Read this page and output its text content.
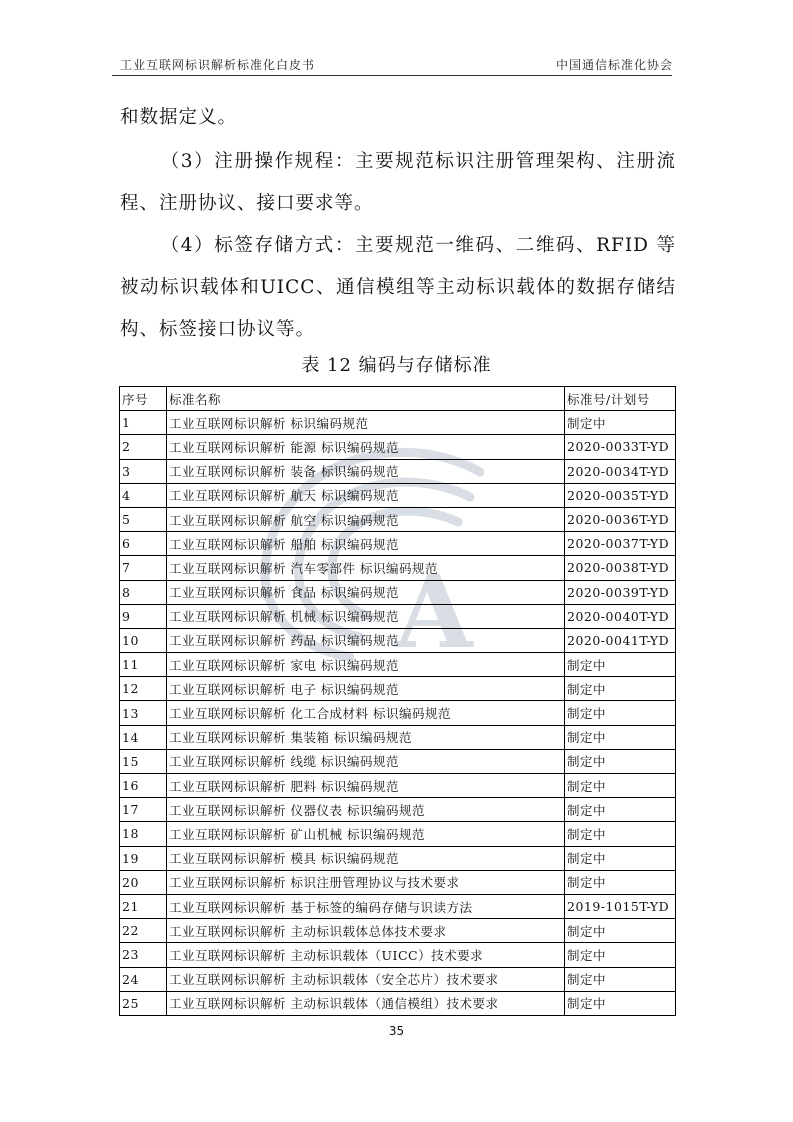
工业互联网标识解析标准化白皮书	中国通信标准化协会

和数据定义。

（3）注册操作规程：主要规范标识注册管理架构、注册流程、注册协议、接口要求等。

（4）标签存储方式：主要规范一维码、二维码、RFID 等被动标识载体和UICC、通信模组等主动标识载体的数据存储结构、标签接口协议等。

表 12 编码与存储标准
A
序号	标准名称	标准号/计划号
1	工业互联网标识解析 标识编码规范	制定中
2	工业互联网标识解析 能源 标识编码规范	2020-0033T-YD
3	工业互联网标识解析 装备 标识编码规范	2020-0034T-YD
4	工业互联网标识解析 航天 标识编码规范	2020-0035T-YD
5	工业互联网标识解析 航空 标识编码规范	2020-0036T-YD
6	工业互联网标识解析 船舶 标识编码规范	2020-0037T-YD
7	工业互联网标识解析 汽车零部件 标识编码规范	2020-0038T-YD
8	工业互联网标识解析 食品 标识编码规范	2020-0039T-YD
9	工业互联网标识解析 机械 标识编码规范	2020-0040T-YD
10	工业互联网标识解析 药品 标识编码规范	2020-0041T-YD
11	工业互联网标识解析 家电 标识编码规范	制定中
12	工业互联网标识解析 电子 标识编码规范	制定中
13	工业互联网标识解析 化工合成材料 标识编码规范	制定中
14	工业互联网标识解析 集装箱 标识编码规范	制定中
15	工业互联网标识解析 线缆 标识编码规范	制定中
16	工业互联网标识解析 肥料 标识编码规范	制定中
17	工业互联网标识解析 仪器仪表 标识编码规范	制定中
18	工业互联网标识解析 矿山机械 标识编码规范	制定中
19	工业互联网标识解析 模具 标识编码规范	制定中
20	工业互联网标识解析 标识注册管理协议与技术要求	制定中
21	工业互联网标识解析 基于标签的编码存储与识读方法	2019-1015T-YD
22	工业互联网标识解析 主动标识载体总体技术要求	制定中
23	工业互联网标识解析 主动标识载体（UICC）技术要求	制定中
24	工业互联网标识解析 主动标识载体（安全芯片）技术要求	制定中
25	工业互联网标识解析 主动标识载体（通信模组）技术要求	制定中
35
